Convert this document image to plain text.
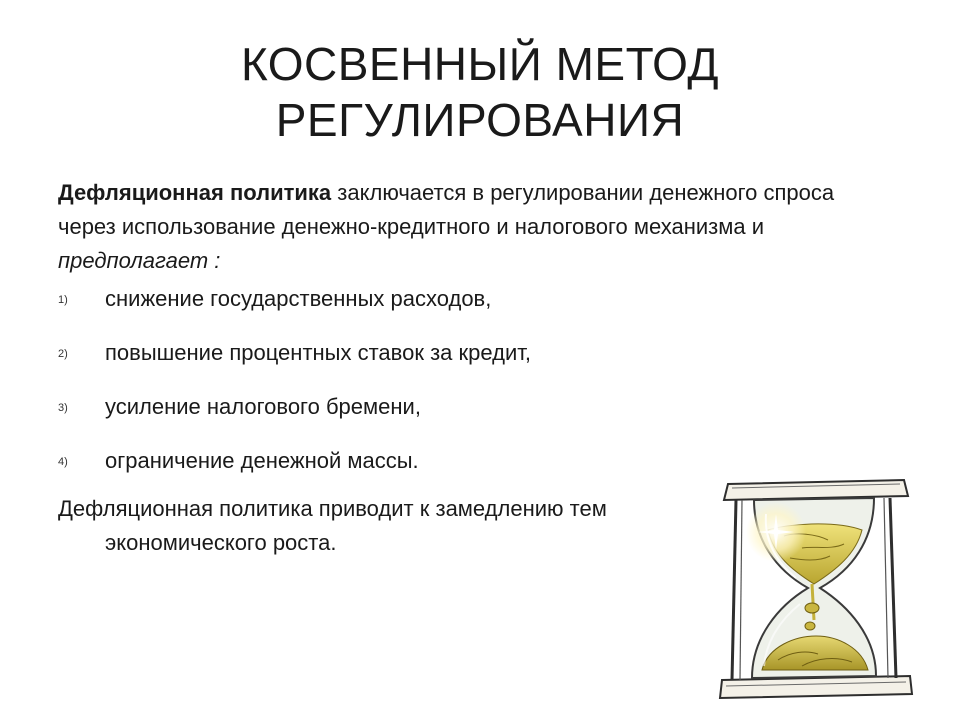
КОСВЕННЫЙ МЕТОД
РЕГУЛИРОВАНИЯ

Дефляционная политика заключается в регулировании денежного спроса через использование денежно-кредитного и налогового механизма и предполагает :

1) снижение государственных расходов,
2) повышение процентных ставок за кредит,
3) усиление налогового бремени,
4) ограничение денежной массы.

Дефляционная политика приводит к замедлению тем
экономического роста.
